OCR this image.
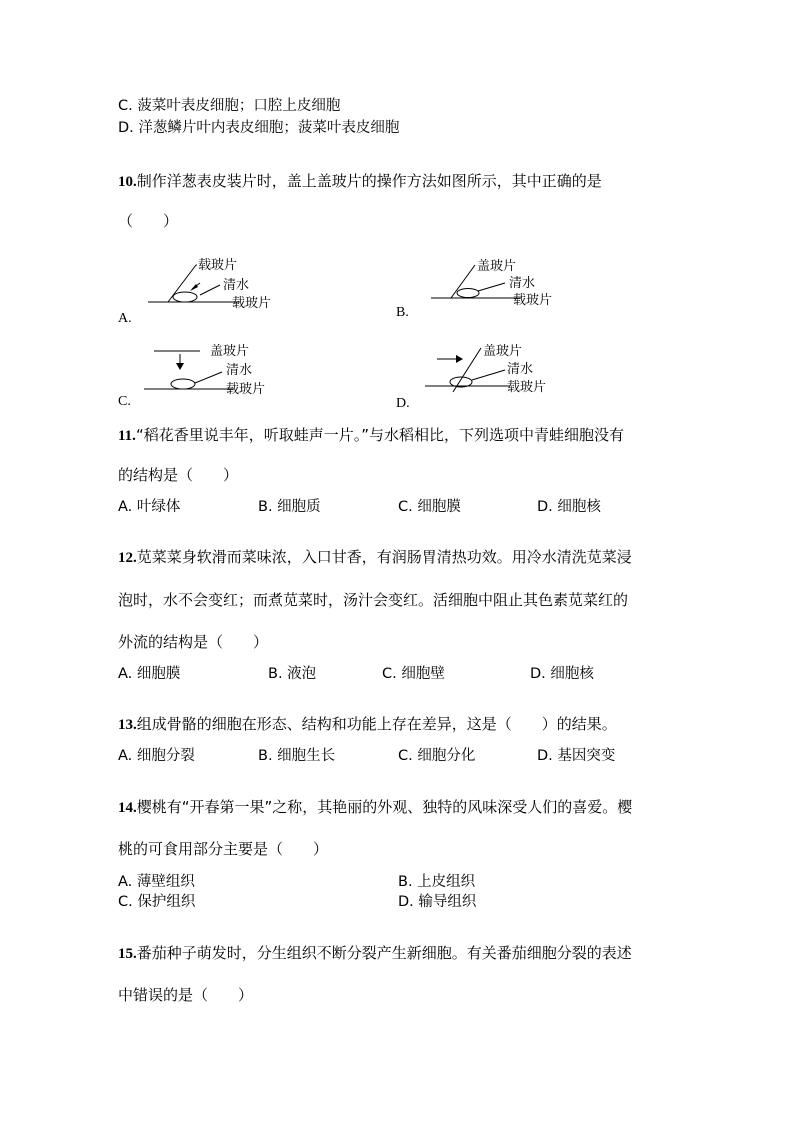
C. 菠菜叶表皮细胞；口腔上皮细胞
D. 洋葱鳞片叶内表皮细胞；菠菜叶表皮细胞
10.制作洋葱表皮装片时，盖上盖玻片的操作方法如图所示，其中正确的是
（　　）
载玻片
清水
载玻片
A.
盖玻片
清水
载玻片
B.
盖玻片
清水
载玻片
C.
盖玻片
清水
载玻片
D.
11.“稻花香里说丰年，听取蛙声一片。”与水稻相比，下列选项中青蛙细胞没有
的结构是（　　）
A. 叶绿体	B. 细胞质	C. 细胞膜	D. 细胞核
12.苋菜菜身软滑而菜味浓，入口甘香，有润肠胃清热功效。用冷水清洗苋菜浸
泡时，水不会变红；而煮苋菜时，汤汁会变红。活细胞中阻止其色素苋菜红的
外流的结构是（　　）
A. 细胞膜	B. 液泡	C. 细胞壁	D. 细胞核
13.组成骨骼的细胞在形态、结构和功能上存在差异，这是（　　）的结果。
A. 细胞分裂	B. 细胞生长	C. 细胞分化	D. 基因突变
14.樱桃有“开春第一果”之称，其艳丽的外观、独特的风味深受人们的喜爱。樱
桃的可食用部分主要是（　　）
A. 薄壁组织	B. 上皮组织
C. 保护组织	D. 输导组织
15.番茄种子萌发时，分生组织不断分裂产生新细胞。有关番茄细胞分裂的表述
中错误的是（　　）
